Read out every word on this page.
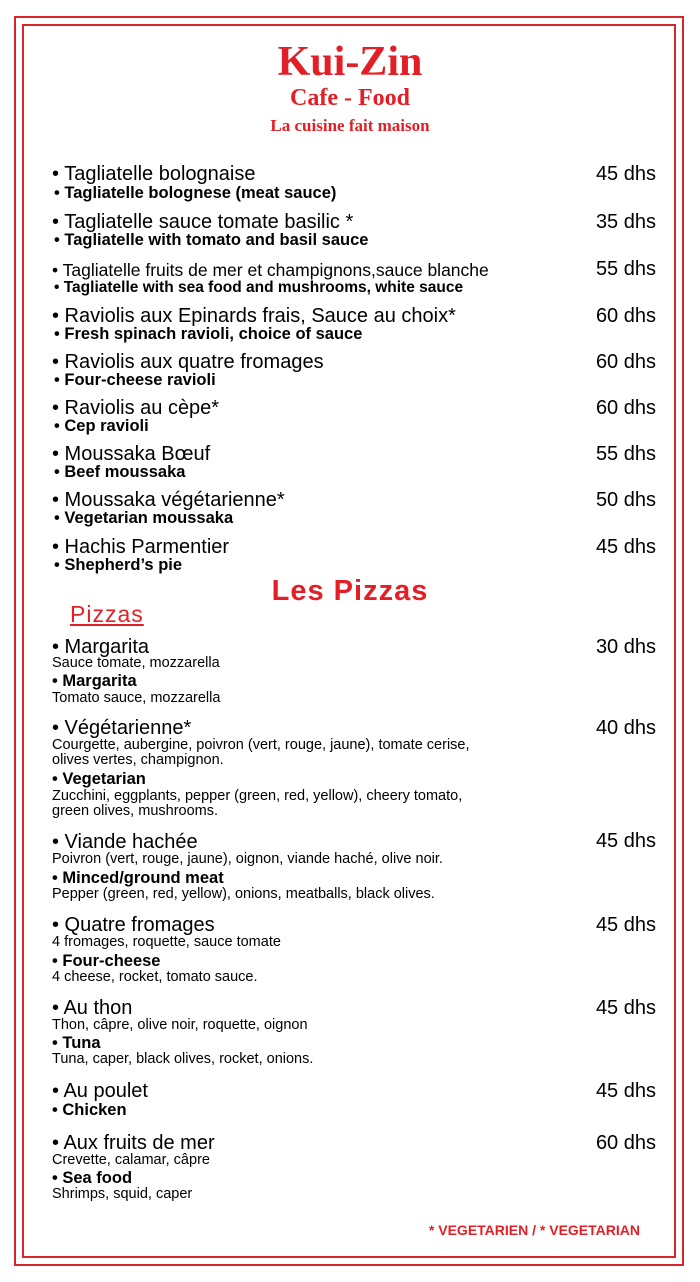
Kui-Zin
Cafe - Food
La cuisine fait maison
• Tagliatelle bolognaise	45 dhs
• Tagliatelle bolognese (meat sauce)
• Tagliatelle sauce tomate basilic *	35 dhs
• Tagliatelle with tomato and basil sauce
• Tagliatelle fruits de mer et champignons,sauce blanche	55 dhs
• Tagliatelle with sea food and mushrooms, white sauce
• Raviolis aux Epinards frais, Sauce au choix*	60 dhs
• Fresh spinach ravioli, choice of sauce
• Raviolis aux quatre fromages	60 dhs
• Four-cheese ravioli
• Raviolis au cèpe*	60 dhs
• Cep ravioli
• Moussaka Bœuf	55 dhs
• Beef moussaka
• Moussaka végétarienne*	50 dhs
• Vegetarian moussaka
• Hachis Parmentier	45 dhs
• Shepherd’s pie
Les Pizzas
Pizzas
• Margarita	30 dhs
Sauce tomate, mozzarella
• Margarita
Tomato sauce, mozzarella
• Végétarienne*	40 dhs
Courgette, aubergine, poivron (vert, rouge, jaune), tomate cerise,
olives vertes, champignon.
• Vegetarian
Zucchini, eggplants, pepper (green, red, yellow), cheery tomato,
green olives, mushrooms.
• Viande hachée	45 dhs
Poivron (vert, rouge, jaune), oignon, viande haché, olive noir.
• Minced/ground meat
Pepper (green, red, yellow), onions, meatballs, black olives.
• Quatre fromages	45 dhs
4 fromages, roquette, sauce tomate
• Four-cheese
4 cheese, rocket, tomato sauce.
• Au thon	45 dhs
Thon, câpre, olive noir, roquette, oignon
• Tuna
Tuna, caper, black olives, rocket, onions.
• Au poulet	45 dhs
• Chicken
• Aux fruits de mer	60 dhs
Crevette, calamar, câpre
• Sea food
Shrimps, squid, caper
* VEGETARIEN / * VEGETARIAN
